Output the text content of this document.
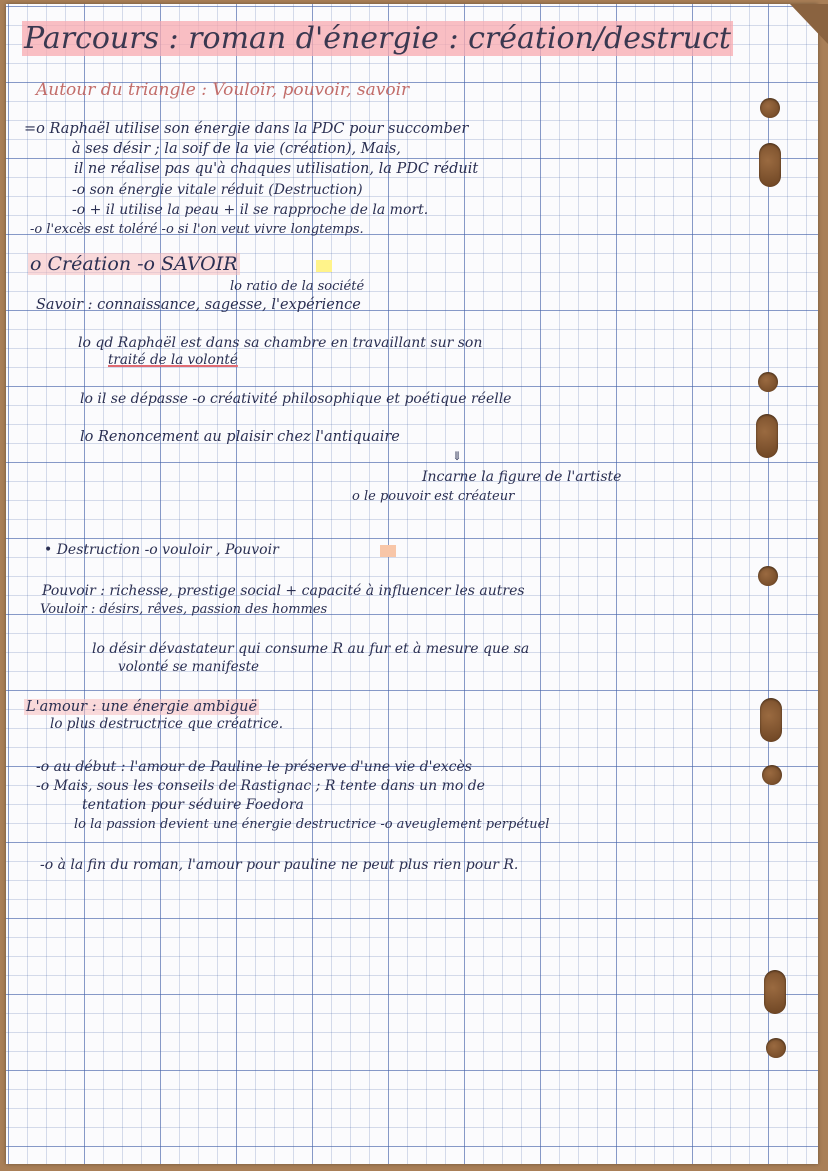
Parcours : roman d'énergie : création/destruct
Autour du triangle : Vouloir, pouvoir, savoir
=o Raphaël utilise son énergie dans la PDC pour succomber
à ses désir ; la soif de la vie (création), Mais,
il ne réalise pas qu'à chaques utilisation, la PDC réduit
-o son énergie vitale réduit (Destruction)
-o + il utilise la peau + il se rapproche de la mort.
-o l'excès est toléré -o si l'on veut vivre longtemps.
o Création -o SAVOIR
lo ratio de la société
Savoir : connaissance, sagesse, l'expérience
lo qd Raphaël est dans sa chambre en travaillant sur son
traité de la volonté
lo il se dépasse -o créativité philosophique et poétique réelle
lo Renoncement au plaisir chez l'antiquaire
⇓
Incarne la figure de l'artiste
o le pouvoir est créateur
• Destruction -o vouloir , Pouvoir
Pouvoir : richesse, prestige social + capacité à influencer les autres
Vouloir : désirs, rêves, passion des hommes
lo désir dévastateur qui consume R au fur et à mesure que sa
volonté se manifeste
L'amour : une énergie ambiguë
lo plus destructrice que créatrice.
-o au début : l'amour de Pauline le préserve d'une vie d'excès
-o Mais, sous les conseils de Rastignac ; R tente dans un mo de
tentation pour séduire Foedora
lo la passion devient une énergie destructrice -o aveuglement perpétuel
-o à la fin du roman, l'amour pour pauline ne peut plus rien pour R.
